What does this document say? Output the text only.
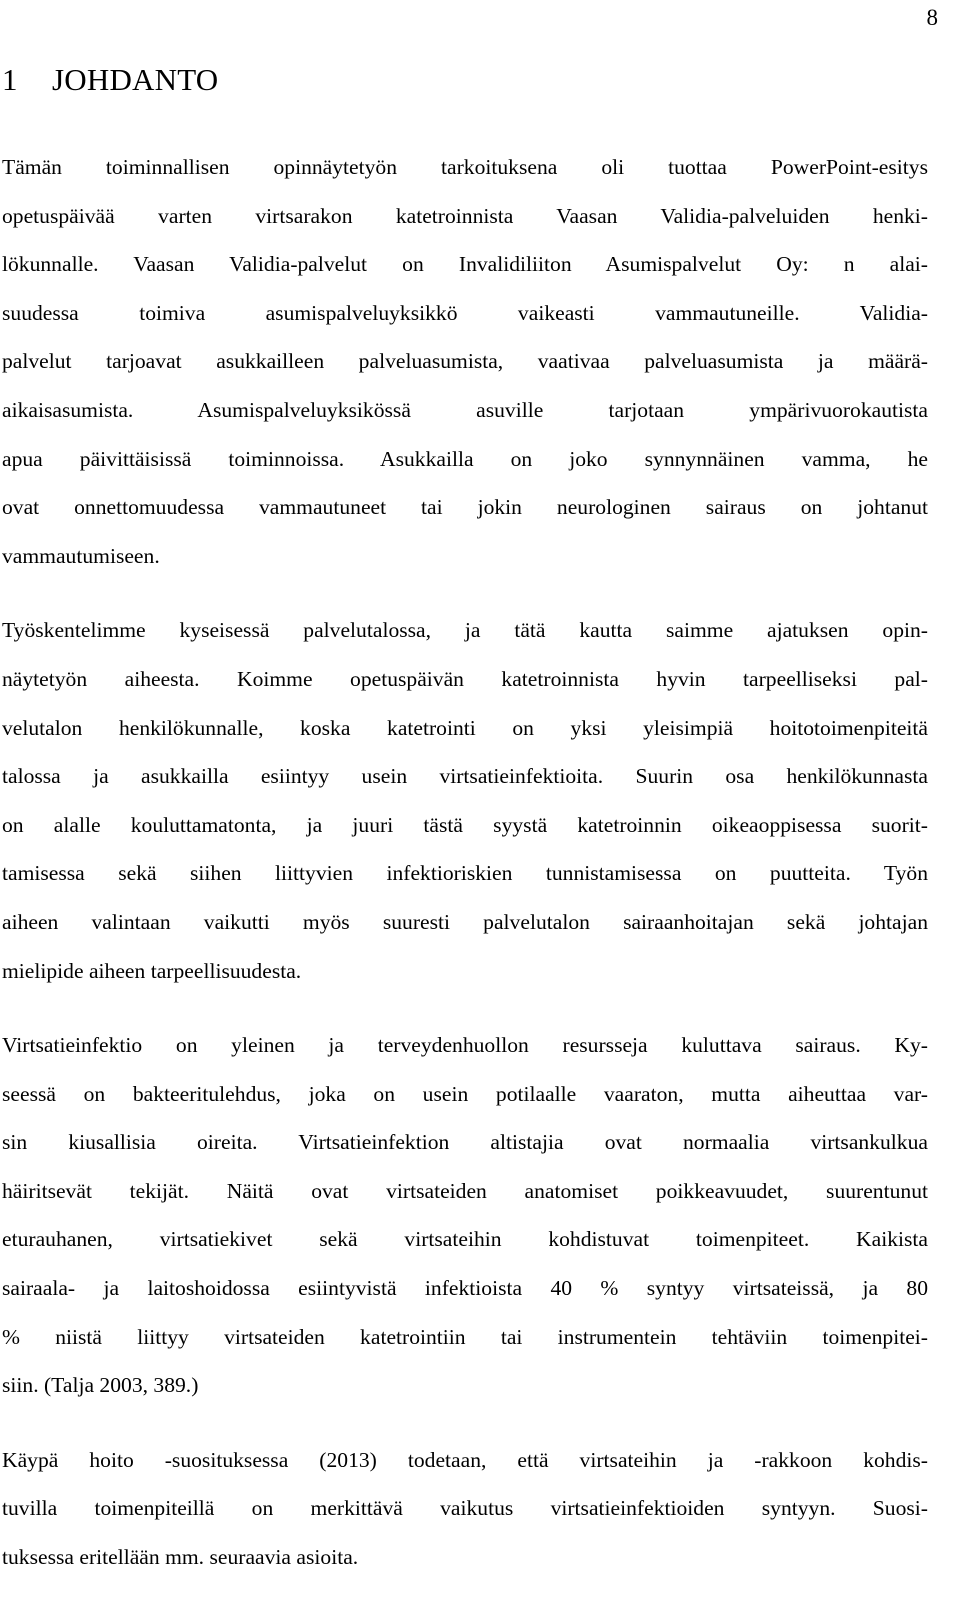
8
1 JOHDANTO

Tämän toiminnallisen opinnäytetyön tarkoituksena oli tuottaa PowerPoint-esitys
opetuspäivää varten virtsarakon katetroinnista Vaasan Validia-palveluiden henki-
lökunnalle. Vaasan Validia-palvelut on Invalidiliiton Asumispalvelut Oy: n alai-
suudessa toimiva asumispalveluyksikkö vaikeasti vammautuneille. Validia-
palvelut tarjoavat asukkailleen palveluasumista, vaativaa palveluasumista ja määrä-
aikaisasumista. Asumispalveluyksikössä asuville tarjotaan ympärivuorokautista
apua päivittäisissä toiminnoissa. Asukkailla on joko synnynnäinen vamma, he
ovat onnettomuudessa vammautuneet tai jokin neurologinen sairaus on johtanut
vammautumiseen.

Työskentelimme kyseisessä palvelutalossa, ja tätä kautta saimme ajatuksen opin-
näytetyön aiheesta. Koimme opetuspäivän katetroinnista hyvin tarpeelliseksi pal-
velutalon henkilökunnalle, koska katetrointi on yksi yleisimpiä hoitotoimenpiteitä
talossa ja asukkailla esiintyy usein virtsatieinfektioita. Suurin osa henkilökunnasta
on alalle kouluttamatonta, ja juuri tästä syystä katetroinnin oikeaoppisessa suorit-
tamisessa sekä siihen liittyvien infektioriskien tunnistamisessa on puutteita. Työn
aiheen valintaan vaikutti myös suuresti palvelutalon sairaanhoitajan sekä johtajan
mielipide aiheen tarpeellisuudesta.

Virtsatieinfektio on yleinen ja terveydenhuollon resursseja kuluttava sairaus. Ky-
seessä on bakteeritulehdus, joka on usein potilaalle vaaraton, mutta aiheuttaa var-
sin kiusallisia oireita. Virtsatieinfektion altistajia ovat normaalia virtsankulkua
häiritsevät tekijät. Näitä ovat virtsateiden anatomiset poikkeavuudet, suurentunut
eturauhanen, virtsatiekivet sekä virtsateihin kohdistuvat toimenpiteet. Kaikista
sairaala- ja laitoshoidossa esiintyvistä infektioista 40 % syntyy virtsateissä, ja 80
% niistä liittyy virtsateiden katetrointiin tai instrumentein tehtäviin toimenpitei-
siin. (Talja 2003, 389.)

Käypä hoito -suosituksessa (2013) todetaan, että virtsateihin ja -rakkoon kohdis-
tuvilla toimenpiteillä on merkittävä vaikutus virtsatieinfektioiden syntyyn. Suosi-
tuksessa eritellään mm. seuraavia asioita.
